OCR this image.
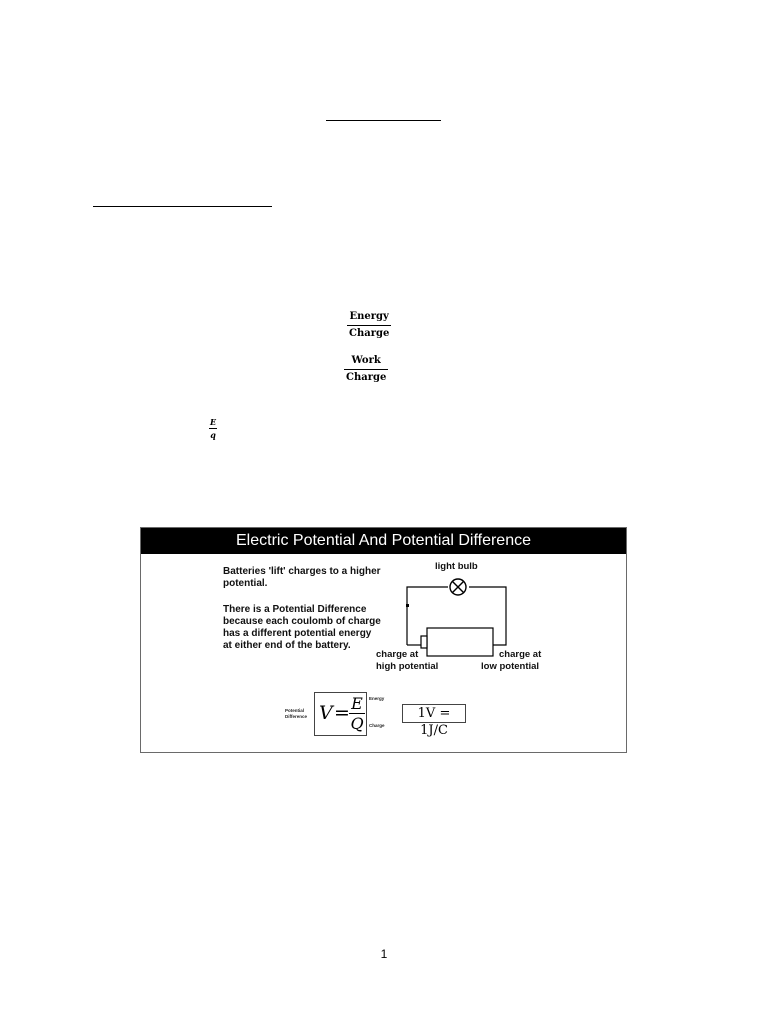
Energy
Charge
Work
Charge
$\frac{E}{q}$
Electric Potential And Potential Difference
Batteries 'lift' charges to a higher potential.
There is a Potential Difference because each coulomb of charge has a different potential energy at either end of the battery.
light bulb
charge at
high potential
charge at
low potential
Potential
Difference $V = \frac{E}{Q}$ Energy
Charge
1V = 1J/C
1
